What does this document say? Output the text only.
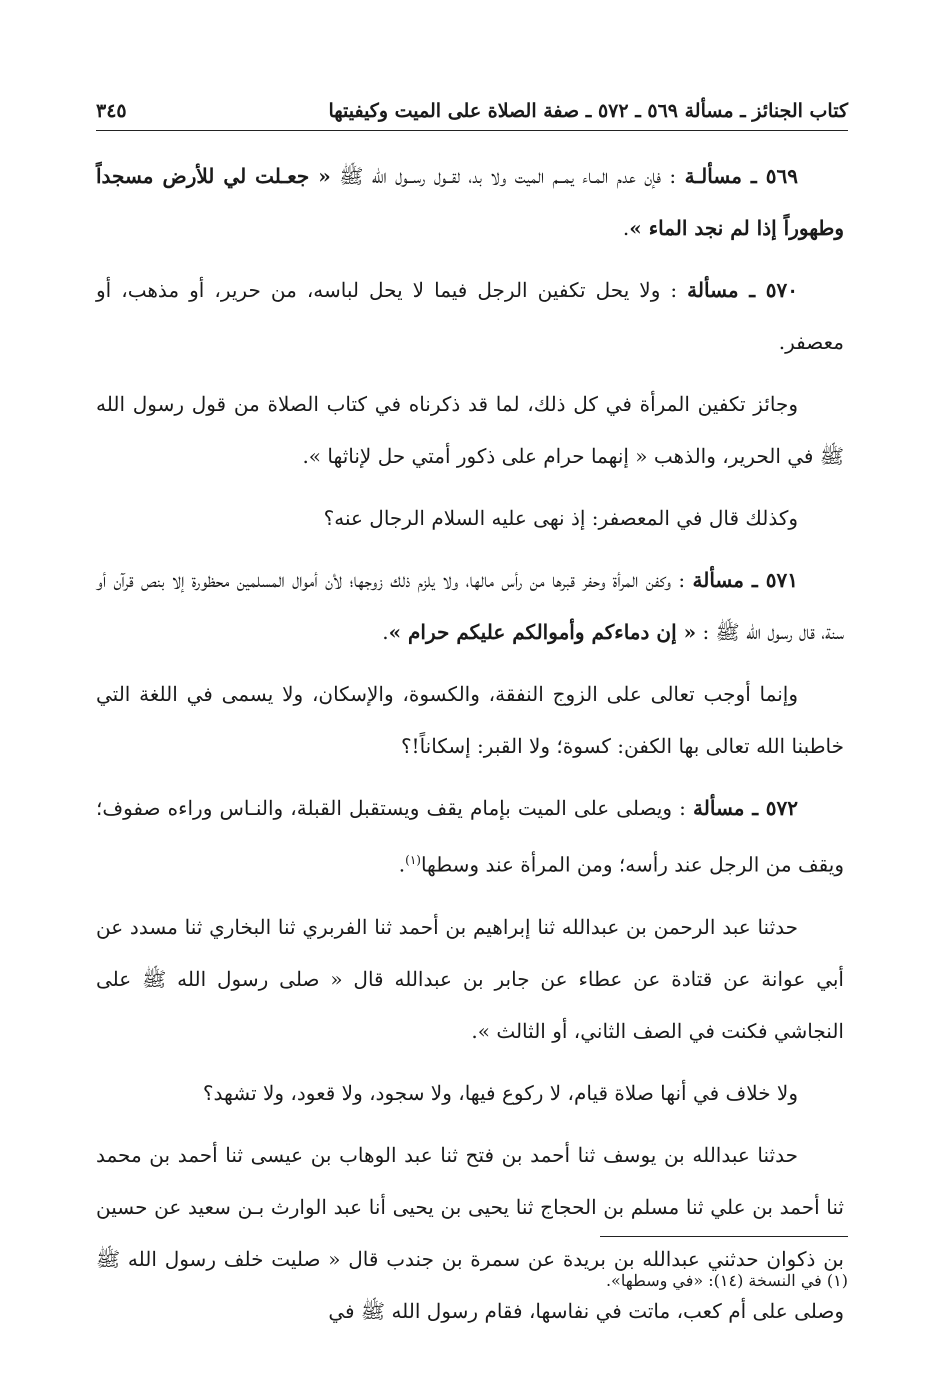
كتاب الجنائز ـ مسألة ٥٦٩ ـ ٥٧٢ ـ صفة الصلاة على الميت وكيفيتها
٣٤٥

٥٦٩ ـ مسألـة : فإن عدم المـاء يمــم الميت ولا بد، لقــول رســول الله ﷺ « جعـلت لي للأرض مسجداً وطهوراً إذا لم نجد الماء ».

٥٧٠ ـ مسألة : ولا يحل تكفين الرجل فيما لا يحل لباسه، من حرير، أو مذهب، أو معصفر.

وجائز تكفين المرأة في كل ذلك، لما قد ذكرناه في كتاب الصلاة من قول رسول الله ﷺ في الحرير، والذهب « إنهما حرام على ذكور أمتي حل لإناثها ».

وكذلك قال في المعصفر: إذ نهى عليه السلام الرجال عنه؟

٥٧١ ـ مسألة : وكفن المرأة وحفر قبرها من رأس مالها، ولا يلزم ذلك زوجها؛ لأن أموال المسلمين محظورة إلا بنص قرآن أو سنة، قال رسول الله ﷺ : « إن دماءكم وأموالكم عليكم حرام ».

وإنما أوجب تعالى على الزوج النفقة، والكسوة، والإسكان، ولا يسمى في اللغة التي خاطبنا الله تعالى بها الكفن: كسوة؛ ولا القبر: إسكاناً!؟

٥٧٢ ـ مسألة : ويصلى على الميت بإمام يقف ويستقبل القبلة، والنـاس وراءه صفوف؛ ويقف من الرجل عند رأسه؛ ومن المرأة عند وسطها$^{(١)}$.

حدثنا عبد الرحمن بن عبدالله ثنا إبراهيم بن أحمد ثنا الفربري ثنا البخاري ثنا مسدد عن أبي عوانة عن قتادة عن عطاء عن جابر بن عبدالله قال « صلى رسول الله ﷺ على النجاشي فكنت في الصف الثاني، أو الثالث ».

ولا خلاف في أنها صلاة قيام، لا ركوع فيها، ولا سجود، ولا قعود، ولا تشهد؟

حدثنا عبدالله بن يوسف ثنا أحمد بن فتح ثنا عبد الوهاب بن عيسى ثنا أحمد بن محمد ثنا أحمد بن علي ثنا مسلم بن الحجاج ثنا يحيى بن يحيى أنا عبد الوارث بـن سعيد عن حسين بن ذكوان حدثني عبدالله بن بريدة عن سمرة بن جندب قال « صليت خلف رسول الله ﷺ وصلى على أم كعب، ماتت في نفاسها، فقام رسول الله ﷺ في

(١) في النسخة (١٤): «في وسطها».
